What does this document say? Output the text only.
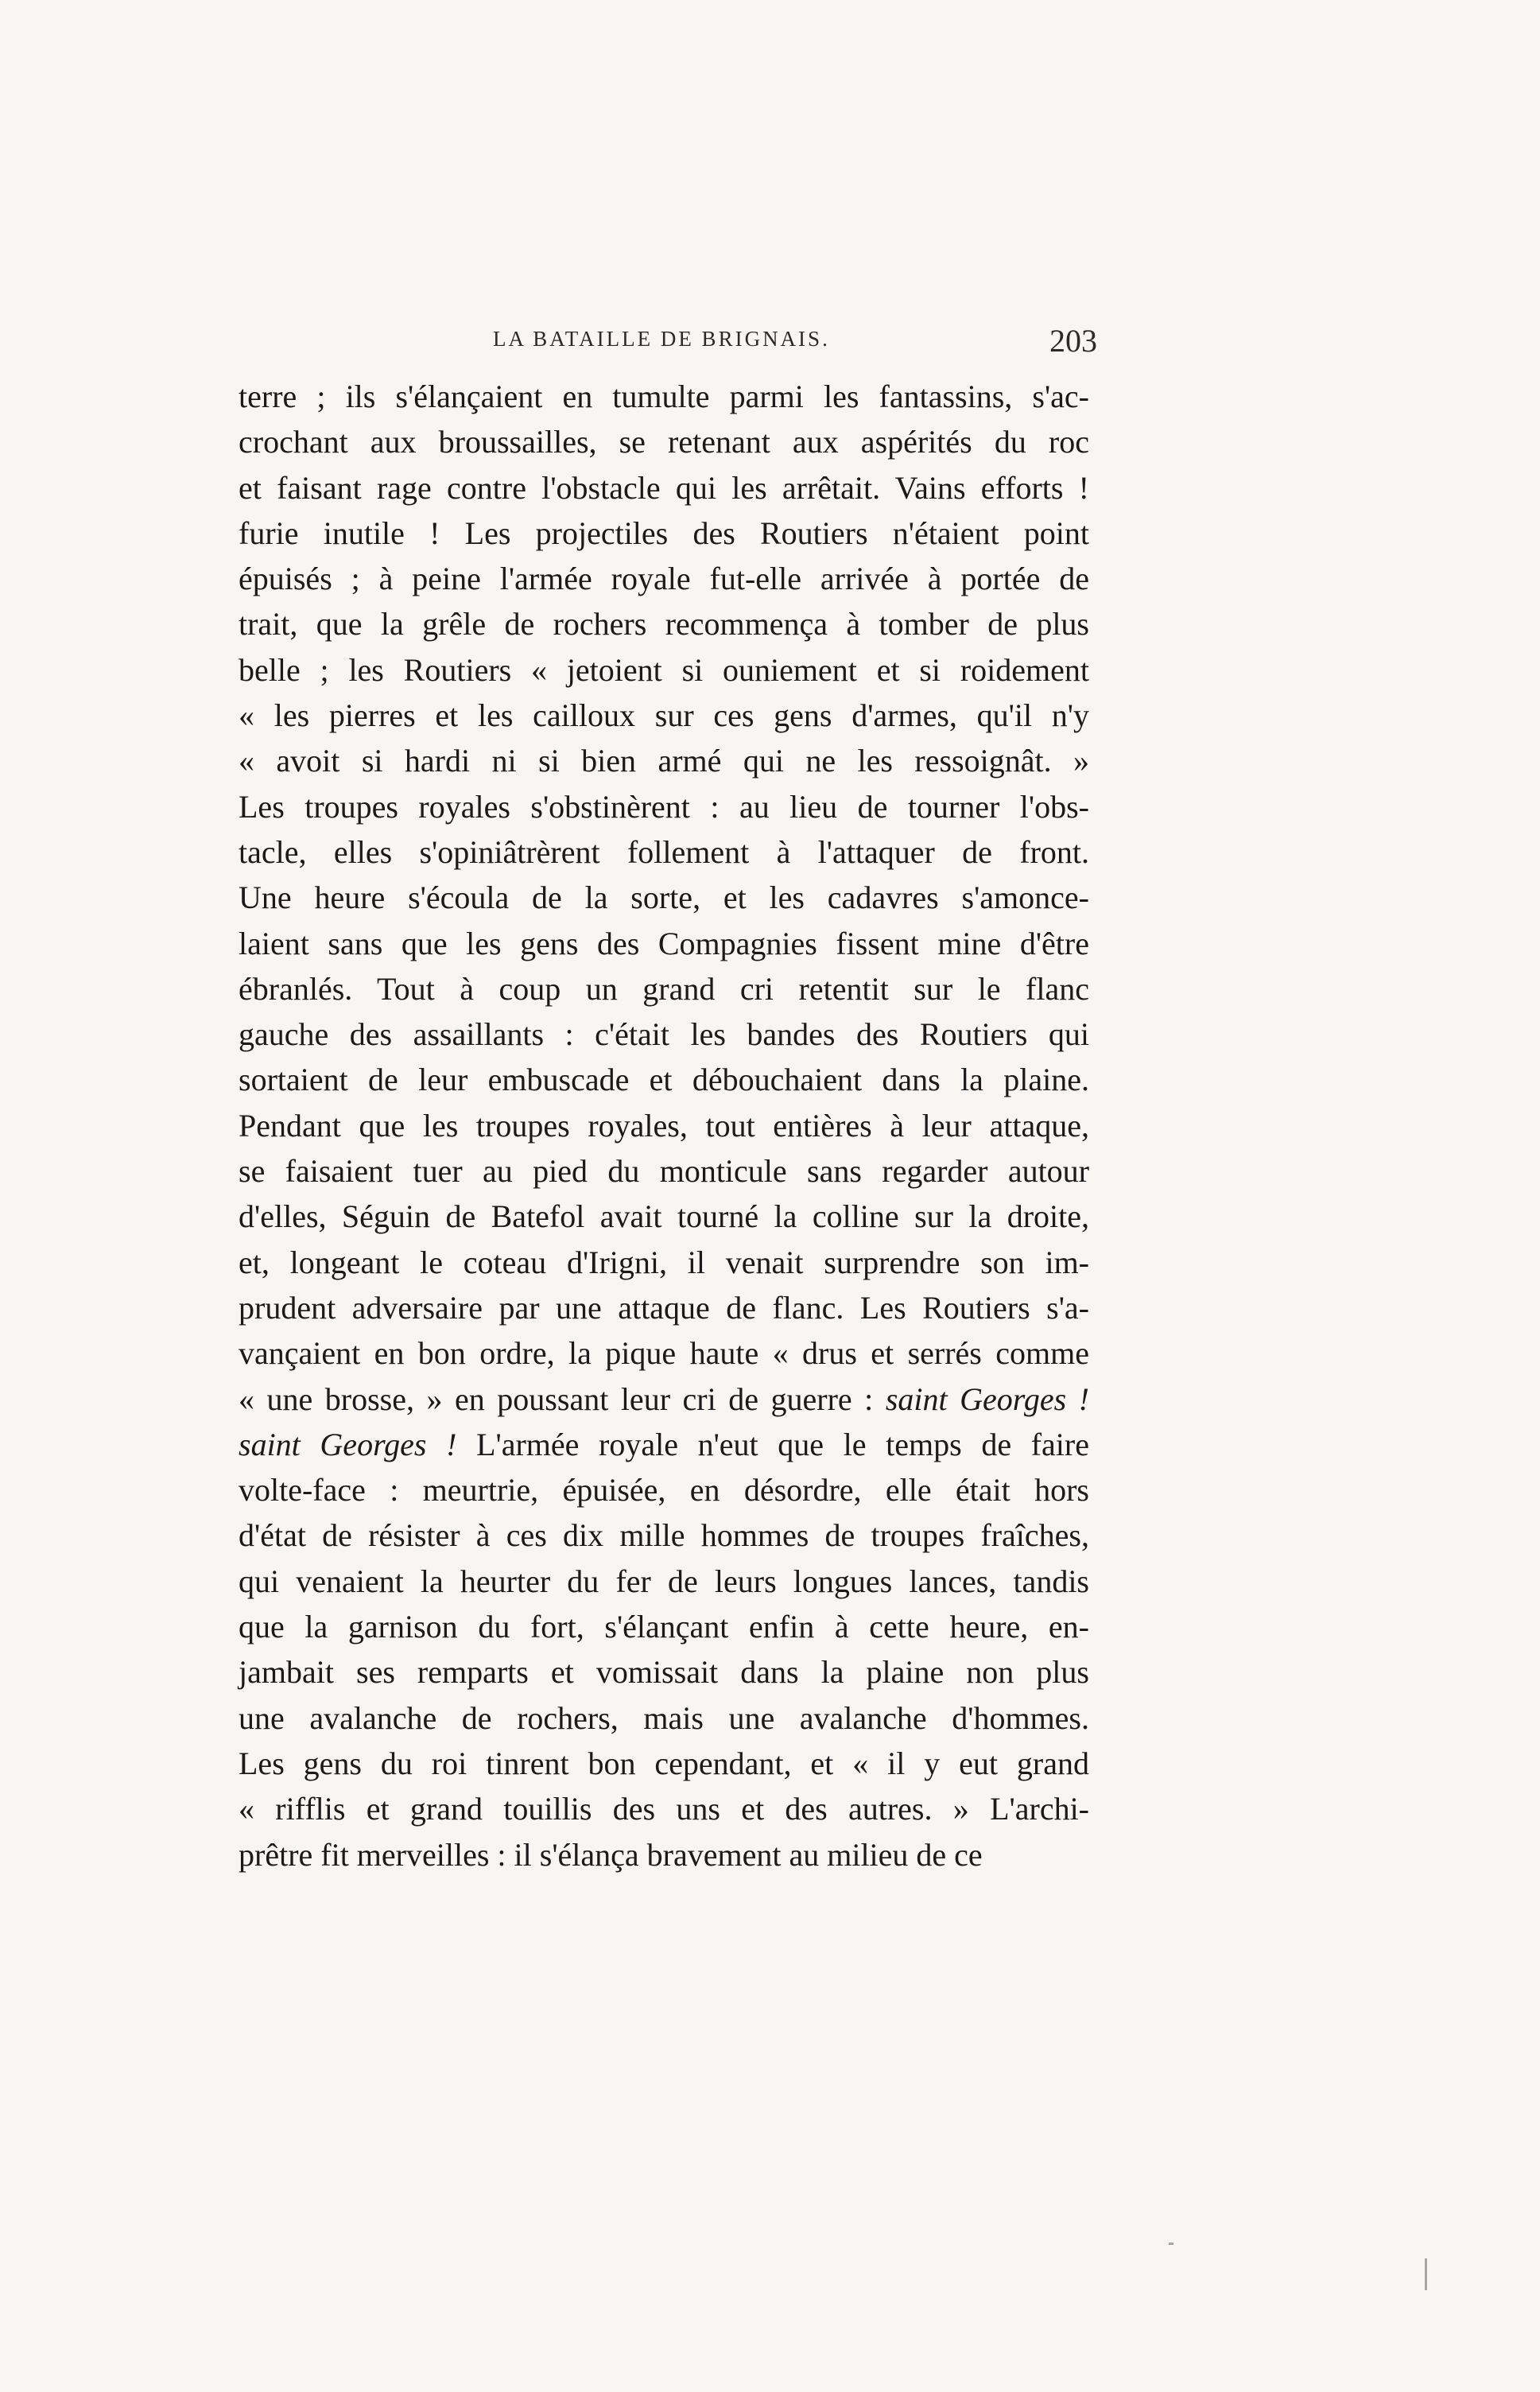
LA BATAILLE DE BRIGNAIS.	203
terre ; ils s'élançaient en tumulte parmi les fantassins, s'ac-
crochant aux broussailles, se retenant aux aspérités du roc
et faisant rage contre l'obstacle qui les arrêtait. Vains efforts !
furie inutile ! Les projectiles des Routiers n'étaient point
épuisés ; à peine l'armée royale fut-elle arrivée à portée de
trait, que la grêle de rochers recommença à tomber de plus
belle ; les Routiers « jetoient si ouniement et si roidement
« les pierres et les cailloux sur ces gens d'armes, qu'il n'y
« avoit si hardi ni si bien armé qui ne les ressoignât. »
Les troupes royales s'obstinèrent : au lieu de tourner l'obs-
tacle, elles s'opiniâtrèrent follement à l'attaquer de front.
Une heure s'écoula de la sorte, et les cadavres s'amonce-
laient sans que les gens des Compagnies fissent mine d'être
ébranlés. Tout à coup un grand cri retentit sur le flanc
gauche des assaillants : c'était les bandes des Routiers qui
sortaient de leur embuscade et débouchaient dans la plaine.
Pendant que les troupes royales, tout entières à leur attaque,
se faisaient tuer au pied du monticule sans regarder autour
d'elles, Séguin de Batefol avait tourné la colline sur la droite,
et, longeant le coteau d'Irigni, il venait surprendre son im-
prudent adversaire par une attaque de flanc. Les Routiers s'a-
vançaient en bon ordre, la pique haute « drus et serrés comme
« une brosse, » en poussant leur cri de guerre : saint Georges !
saint Georges ! L'armée royale n'eut que le temps de faire
volte-face : meurtrie, épuisée, en désordre, elle était hors
d'état de résister à ces dix mille hommes de troupes fraîches,
qui venaient la heurter du fer de leurs longues lances, tandis
que la garnison du fort, s'élançant enfin à cette heure, en-
jambait ses remparts et vomissait dans la plaine non plus
une avalanche de rochers, mais une avalanche d'hommes.
Les gens du roi tinrent bon cependant, et « il y eut grand
« rifflis et grand touillis des uns et des autres. » L'archi-
prêtre fit merveilles : il s'élança bravement au milieu de ce
